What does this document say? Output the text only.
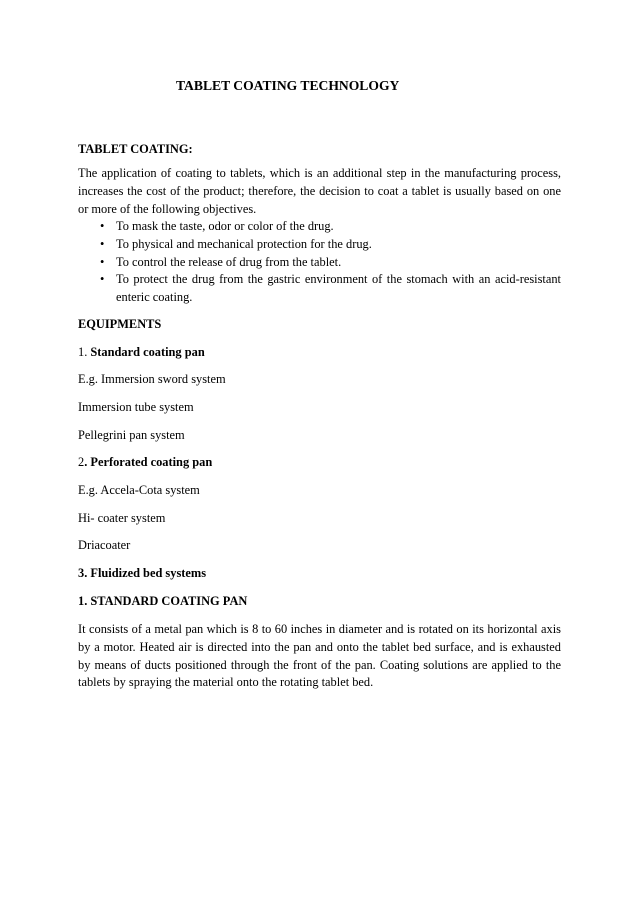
TABLET COATING TECHNOLOGY
TABLET COATING:
The application of coating to tablets, which is an additional step in the manufacturing process, increases the cost of the product; therefore, the decision to coat a tablet is usually based on one or more of the following objectives.
• To mask the taste, odor or color of the drug.
• To physical and mechanical protection for the drug.
• To control the release of drug from the tablet.
• To protect the drug from the gastric environment of the stomach with an acid-resistant enteric coating.
EQUIPMENTS
1. Standard coating pan
E.g. Immersion sword system
Immersion tube system
Pellegrini pan system
2. Perforated coating pan
E.g. Accela-Cota system
Hi- coater system
Driacoater
3. Fluidized bed systems
1. STANDARD COATING PAN
It consists of a metal pan which is 8 to 60 inches in diameter and is rotated on its horizontal axis by a motor. Heated air is directed into the pan and onto the tablet bed surface, and is exhausted by means of ducts positioned through the front of the pan. Coating solutions are applied to the tablets by spraying the material onto the rotating tablet bed.
